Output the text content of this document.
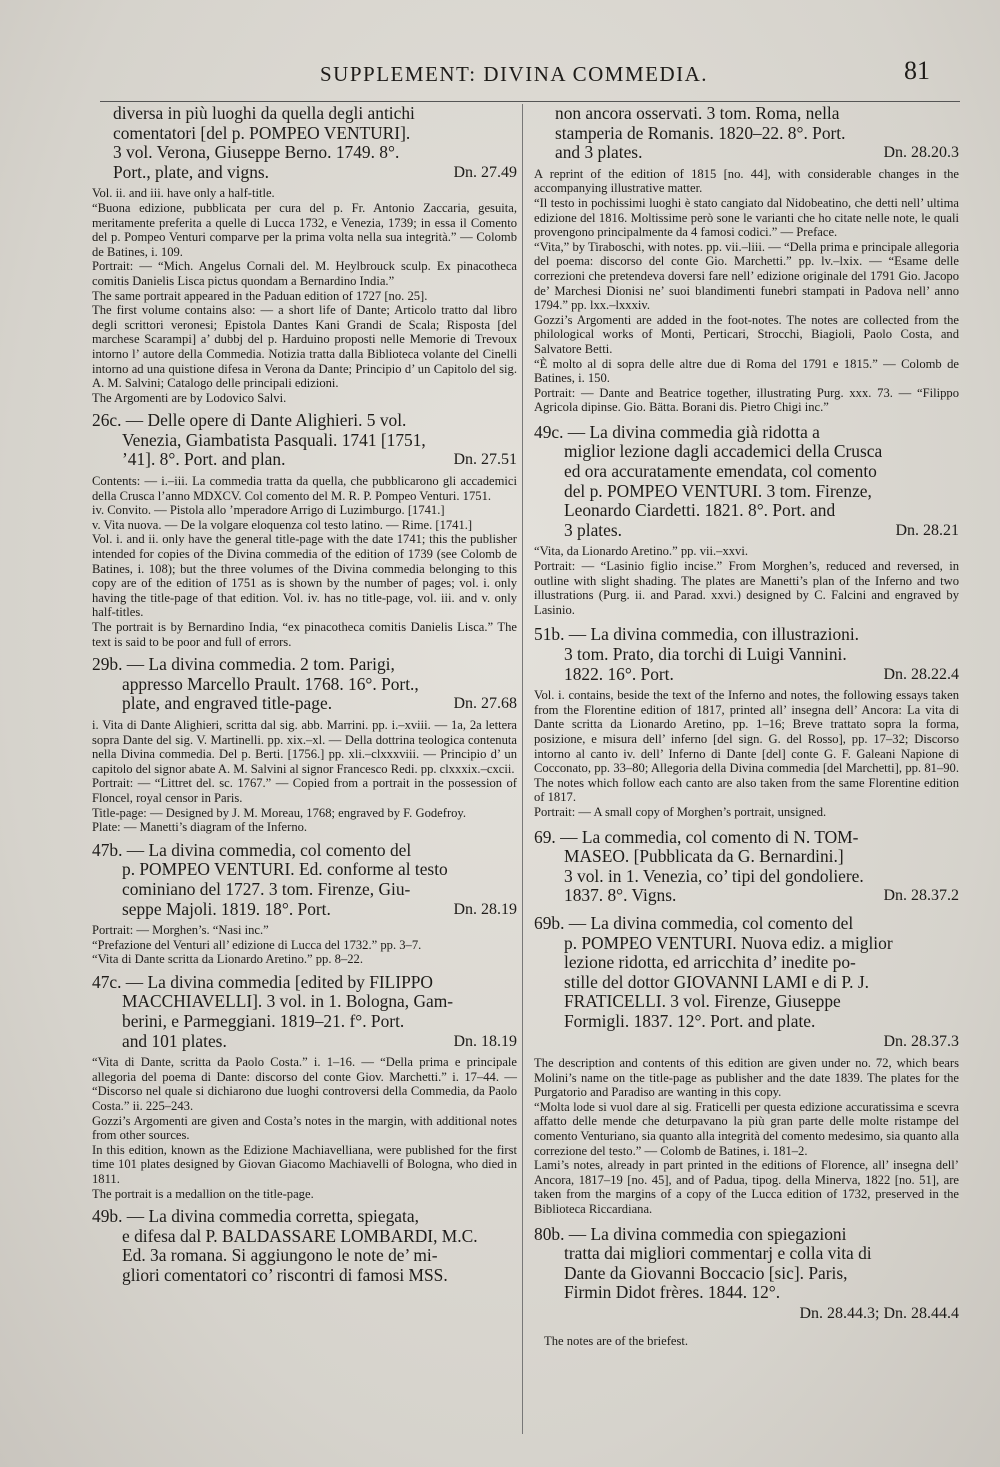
SUPPLEMENT: DIVINA COMMEDIA.	81
diversa in più luoghi da quella degli antichi
comentatori [del p. POMPEO VENTURI].
3 vol. Verona, Giuseppe Berno. 1749. 8°.
Port., plate, and vigns.	Dn. 27.49

Vol. ii. and iii. have only a half-title.

“Buona edizione, pubblicata per cura del p. Fr. Antonio Zaccaria, gesuita, meritamente preferita a quelle di Lucca 1732, e Venezia, 1739; in essa il Comento del p. Pompeo Venturi comparve per la prima volta nella sua integrità.” — Colomb de Batines, i. 109.

Portrait: — “Mich. Angelus Cornali del. M. Heylbrouck sculp. Ex pinacotheca comitis Danielis Lisca pictus quondam a Bernardino India.”

The same portrait appeared in the Paduan edition of 1727 [no. 25].

The first volume contains also: — a short life of Dante; Articolo tratto dal libro degli scrittori veronesi; Epistola Dantes Kani Grandi de Scala; Risposta [del marchese Scarampi] a’ dubbj del p. Harduino proposti nelle Memorie di Trevoux intorno l’ autore della Commedia. Notizia tratta dalla Biblioteca volante del Cinelli intorno ad una quistione difesa in Verona da Dante; Principio d’ un Capitolo del sig. A. M. Salvini; Catalogo delle principali edizioni.

The Argomenti are by Lodovico Salvi.

26c. — Delle opere di Dante Alighieri. 5 vol.
Venezia, Giambatista Pasquali. 1741 [1751,
’41]. 8°. Port. and plan.	Dn. 27.51

Contents: — i.–iii. La commedia tratta da quella, che pubblicarono gli accademici della Crusca l’anno MDXCV. Col comento del M. R. P. Pompeo Venturi. 1751.

iv. Convito. — Pistola allo ’mperadore Arrigo di Luzimburgo. [1741.]

v. Vita nuova. — De la volgare eloquenza col testo latino. — Rime. [1741.]

Vol. i. and ii. only have the general title-page with the date 1741; this the publisher intended for copies of the Divina commedia of the edition of 1739 (see Colomb de Batines, i. 108); but the three volumes of the Divina commedia belonging to this copy are of the edition of 1751 as is shown by the number of pages; vol. i. only having the title-page of that edition. Vol. iv. has no title-page, vol. iii. and v. only half-titles.

The portrait is by Bernardino India, “ex pinacotheca comitis Danielis Lisca.” The text is said to be poor and full of errors.

29b. — La divina commedia. 2 tom. Parigi,
appresso Marcello Prault. 1768. 16°. Port.,
plate, and engraved title-page.	Dn. 27.68

i. Vita di Dante Alighieri, scritta dal sig. abb. Marrini. pp. i.–xviii. — 1a, 2a lettera sopra Dante del sig. V. Martinelli. pp. xix.–xl. — Della dottrina teologica contenuta nella Divina commedia. Del p. Berti. [1756.] pp. xli.–clxxxviii. — Principio d’ un capitolo del signor abate A. M. Salvini al signor Francesco Redi. pp. clxxxix.–cxcii.

Portrait: — “Littret del. sc. 1767.” — Copied from a portrait in the possession of Floncel, royal censor in Paris.

Title-page: — Designed by J. M. Moreau, 1768; engraved by F. Godefroy.

Plate: — Manetti’s diagram of the Inferno.

47b. — La divina commedia, col comento del
p. POMPEO VENTURI. Ed. conforme al testo
cominiano del 1727. 3 tom. Firenze, Giu-
seppe Majoli. 1819. 18°. Port.	Dn. 28.19

Portrait: — Morghen’s. “Nasi inc.”

“Prefazione del Venturi all’ edizione di Lucca del 1732.” pp. 3–7.

“Vita di Dante scritta da Lionardo Aretino.” pp. 8–22.

47c. — La divina commedia [edited by FILIPPO
MACCHIAVELLI]. 3 vol. in 1. Bologna, Gam-
berini, e Parmeggiani. 1819–21. f°. Port.
and 101 plates.	Dn. 18.19

“Vita di Dante, scritta da Paolo Costa.” i. 1–16. — “Della prima e principale allegoria del poema di Dante: discorso del conte Giov. Marchetti.” i. 17–44. — “Discorso nel quale si dichiarono due luoghi controversi della Commedia, da Paolo Costa.” ii. 225–243.

Gozzi’s Argomenti are given and Costa’s notes in the margin, with additional notes from other sources.

In this edition, known as the Edizione Machiavelliana, were published for the first time 101 plates designed by Giovan Giacomo Machiavelli of Bologna, who died in 1811.

The portrait is a medallion on the title-page.

49b. — La divina commedia corretta, spiegata,
e difesa dal P. BALDASSARE LOMBARDI, M.C.
Ed. 3a romana. Si aggiungono le note de’ mi-
gliori comentatori co’ riscontri di famosi MSS.
non ancora osservati. 3 tom. Roma, nella
stamperia de Romanis. 1820–22. 8°. Port.
and 3 plates.	Dn. 28.20.3

A reprint of the edition of 1815 [no. 44], with considerable changes in the accompanying illustrative matter.

“Il testo in pochissimi luoghi è stato cangiato dal Nidobeatino, che detti nell’ ultima edizione del 1816. Moltissime però sone le varianti che ho citate nelle note, le quali provengono principalmente da 4 famosi codici.” — Preface.

“Vita,” by Tiraboschi, with notes. pp. vii.–liii. — “Della prima e principale allegoria del poema: discorso del conte Gio. Marchetti.” pp. lv.–lxix. — “Esame delle correzioni che pretendeva doversi fare nell’ edizione originale del 1791 Gio. Jacopo de’ Marchesi Dionisi ne’ suoi blandimenti funebri stampati in Padova nell’ anno 1794.” pp. lxx.–lxxxiv.

Gozzi’s Argomenti are added in the foot-notes. The notes are collected from the philological works of Monti, Perticari, Strocchi, Biagioli, Paolo Costa, and Salvatore Betti.

“È molto al di sopra delle altre due di Roma del 1791 e 1815.” — Colomb de Batines, i. 150.

Portrait: — Dante and Beatrice together, illustrating Purg. xxx. 73. — “Filippo Agricola dipinse. Gio. Bätta. Borani dis. Pietro Chigi inc.”

49c. — La divina commedia già ridotta a
miglior lezione dagli accademici della Crusca
ed ora accuratamente emendata, col comento
del p. POMPEO VENTURI. 3 tom. Firenze,
Leonardo Ciardetti. 1821. 8°. Port. and
3 plates.	Dn. 28.21

“Vita, da Lionardo Aretino.” pp. vii.–xxvi.

Portrait: — “Lasinio figlio incise.” From Morghen’s, reduced and reversed, in outline with slight shading. The plates are Manetti’s plan of the Inferno and two illustrations (Purg. ii. and Parad. xxvi.) designed by C. Falcini and engraved by Lasinio.

51b. — La divina commedia, con illustrazioni.
3 tom. Prato, dia torchi di Luigi Vannini.
1822. 16°. Port.	Dn. 28.22.4

Vol. i. contains, beside the text of the Inferno and notes, the following essays taken from the Florentine edition of 1817, printed all’ insegna dell’ Ancora: La vita di Dante scritta da Lionardo Aretino, pp. 1–16; Breve trattato sopra la forma, posizione, e misura dell’ inferno [del sign. G. del Rosso], pp. 17–32; Discorso intorno al canto iv. dell’ Inferno di Dante [del] conte G. F. Galeani Napione di Cocconato, pp. 33–80; Allegoria della Divina commedia [del Marchetti], pp. 81–90. The notes which follow each canto are also taken from the same Florentine edition of 1817.

Portrait: — A small copy of Morghen’s portrait, unsigned.

69. — La commedia, col comento di N. TOM-
MASEO. [Pubblicata da G. Bernardini.]
3 vol. in 1. Venezia, co’ tipi del gondoliere.
1837. 8°. Vigns.	Dn. 28.37.2
69b. — La divina commedia, col comento del
p. POMPEO VENTURI. Nuova ediz. a miglior
lezione ridotta, ed arricchita d’ inedite po-
stille del dottor GIOVANNI LAMI e di P. J.
FRATICELLI. 3 vol. Firenze, Giuseppe
Formigli. 1837. 12°. Port. and plate.
Dn. 28.37.3

The description and contents of this edition are given under no. 72, which bears Molini’s name on the title-page as publisher and the date 1839. The plates for the Purgatorio and Paradiso are wanting in this copy.

“Molta lode si vuol dare al sig. Fraticelli per questa edizione accuratissima e scevra affatto delle mende che deturpavano la più gran parte delle molte ristampe del comento Venturiano, sia quanto alla integrità del comento medesimo, sia quanto alla correzione del testo.” — Colomb de Batines, i. 181–2.

Lami’s notes, already in part printed in the editions of Florence, all’ insegna dell’ Ancora, 1817–19 [no. 45], and of Padua, tipog. della Minerva, 1822 [no. 51], are taken from the margins of a copy of the Lucca edition of 1732, preserved in the Biblioteca Riccardiana.

80b. — La divina commedia con spiegazioni
tratta dai migliori commentarj e colla vita di
Dante da Giovanni Boccacio [sic]. Paris,
Firmin Didot frères. 1844. 12°.
Dn. 28.44.3; Dn. 28.44.4

The notes are of the briefest.
